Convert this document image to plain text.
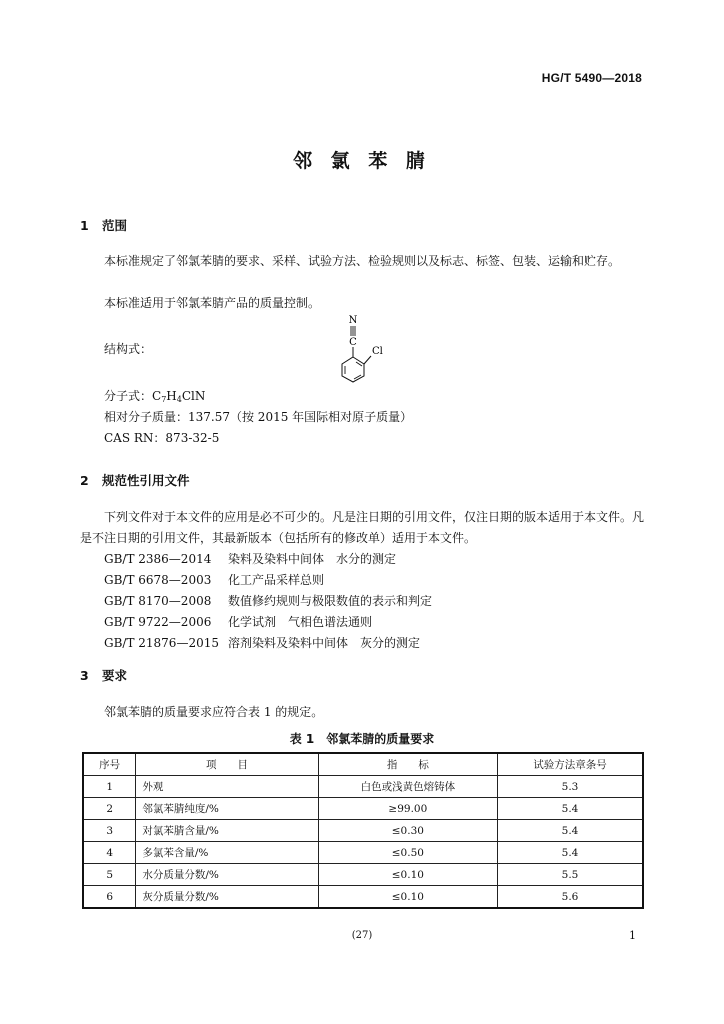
HG/T 5490—2018
邻 氯 苯 腈
1 范围
本标准规定了邻氯苯腈的要求、采样、试验方法、检验规则以及标志、标签、包装、运输和贮存。
本标准适用于邻氯苯腈产品的质量控制。
结构式：
N
C
Cl
分子式：$C_7H_4ClN$
相对分子质量：137.57（按 2015 年国际相对原子质量）
CAS RN：873-32-5
2 规范性引用文件
下列文件对于本文件的应用是必不可少的。凡是注日期的引用文件，仅注日期的版本适用于本文件。凡是不注日期的引用文件，其最新版本（包括所有的修改单）适用于本文件。
GB/T 2386—2014 染料及染料中间体　水分的测定
GB/T 6678—2003 化工产品采样总则
GB/T 8170—2008 数值修约规则与极限数值的表示和判定
GB/T 9722—2006 化学试剂　气相色谱法通则
GB/T 21876—2015 溶剂染料及染料中间体　灰分的测定
3 要求
邻氯苯腈的质量要求应符合表 1 的规定。
表 1　邻氯苯腈的质量要求
序号	项　　目	指　　标	试验方法章条号
1	外观	白色或浅黄色熔铸体	5.3
2	邻氯苯腈纯度/%	≥99.00	5.4
3	对氯苯腈含量/%	≤0.30	5.4
4	多氯苯含量/%	≤0.50	5.4
5	水分质量分数/%	≤0.10	5.5
6	灰分质量分数/%	≤0.10	5.6
(27)	1
